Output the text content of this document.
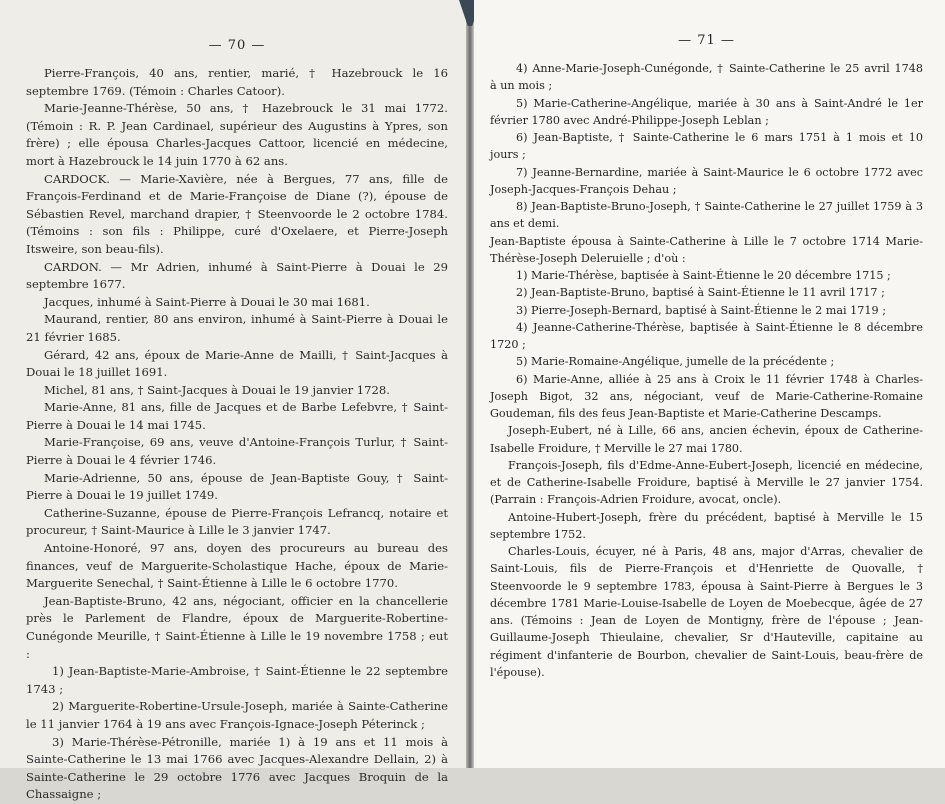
— 70 —

Pierre-François, 40 ans, rentier, marié, † Hazebrouck le 16 septembre 1769. (Témoin : Charles Catoor).

Marie-Jeanne-Thérèse, 50 ans, † Hazebrouck le 31 mai 1772. (Témoin : R. P. Jean Cardinael, supérieur des Augustins à Ypres, son frère) ; elle épousa Charles-Jacques Cattoor, licencié en médecine, mort à Hazebrouck le 14 juin 1770 à 62 ans.

CARDOCK. — Marie-Xavière, née à Bergues, 77 ans, fille de François-Ferdinand et de Marie-Françoise de Diane (?), épouse de Sébastien Revel, marchand drapier, † Steenvoorde le 2 octobre 1784. (Témoins : son fils : Philippe, curé d'Oxelaere, et Pierre-Joseph Itsweire, son beau-fils).

CARDON. — Mr Adrien, inhumé à Saint-Pierre à Douai le 29 septembre 1677.

Jacques, inhumé à Saint-Pierre à Douai le 30 mai 1681.

Maurand, rentier, 80 ans environ, inhumé à Saint-Pierre à Douai le 21 février 1685.

Gérard, 42 ans, époux de Marie-Anne de Mailli, † Saint-Jacques à Douai le 18 juillet 1691.

Michel, 81 ans, † Saint-Jacques à Douai le 19 janvier 1728.

Marie-Anne, 81 ans, fille de Jacques et de Barbe Lefebvre, † Saint-Pierre à Douai le 14 mai 1745.

Marie-Françoise, 69 ans, veuve d'Antoine-François Turlur, † Saint-Pierre à Douai le 4 février 1746.

Marie-Adrienne, 50 ans, épouse de Jean-Baptiste Gouy, † Saint-Pierre à Douai le 19 juillet 1749.

Catherine-Suzanne, épouse de Pierre-François Lefrancq, notaire et procureur, † Saint-Maurice à Lille le 3 janvier 1747.

Antoine-Honoré, 97 ans, doyen des procureurs au bureau des finances, veuf de Marguerite-Scholastique Hache, époux de Marie-Marguerite Senechal, † Saint-Étienne à Lille le 6 octobre 1770.

Jean-Baptiste-Bruno, 42 ans, négociant, officier en la chancellerie près le Parlement de Flandre, époux de Marguerite-Robertine-Cunégonde Meurille, † Saint-Étienne à Lille le 19 novembre 1758 ; eut :

1) Jean-Baptiste-Marie-Ambroise, † Saint-Étienne le 22 septembre 1743 ;

2) Marguerite-Robertine-Ursule-Joseph, mariée à Sainte-Catherine le 11 janvier 1764 à 19 ans avec François-Ignace-Joseph Péterinck ;

3) Marie-Thérèse-Pétronille, mariée 1) à 19 ans et 11 mois à Sainte-Catherine le 13 mai 1766 avec Jacques-Alexandre Dellain, 2) à Sainte-Catherine le 29 octobre 1776 avec Jacques Broquin de la Chassaigne ;

— 71 —

4) Anne-Marie-Joseph-Cunégonde, † Sainte-Catherine le 25 avril 1748 à un mois ;

5) Marie-Catherine-Angélique, mariée à 30 ans à Saint-André le 1er février 1780 avec André-Philippe-Joseph Leblan ;

6) Jean-Baptiste, † Sainte-Catherine le 6 mars 1751 à 1 mois et 10 jours ;

7) Jeanne-Bernardine, mariée à Saint-Maurice le 6 octobre 1772 avec Joseph-Jacques-François Dehau ;

8) Jean-Baptiste-Bruno-Joseph, † Sainte-Catherine le 27 juillet 1759 à 3 ans et demi.

Jean-Baptiste épousa à Sainte-Catherine à Lille le 7 octobre 1714 Marie-Thérèse-Joseph Deleruielle ; d'où :

1) Marie-Thérèse, baptisée à Saint-Étienne le 20 décembre 1715 ;

2) Jean-Baptiste-Bruno, baptisé à Saint-Étienne le 11 avril 1717 ;

3) Pierre-Joseph-Bernard, baptisé à Saint-Étienne le 2 mai 1719 ;

4) Jeanne-Catherine-Thérèse, baptisée à Saint-Étienne le 8 décembre 1720 ;

5) Marie-Romaine-Angélique, jumelle de la précédente ;

6) Marie-Anne, alliée à 25 ans à Croix le 11 février 1748 à Charles-Joseph Bigot, 32 ans, négociant, veuf de Marie-Catherine-Romaine Goudeman, fils des feus Jean-Baptiste et Marie-Catherine Descamps.

Joseph-Eubert, né à Lille, 66 ans, ancien échevin, époux de Catherine-Isabelle Froidure, † Merville le 27 mai 1780.

François-Joseph, fils d'Edme-Anne-Eubert-Joseph, licencié en médecine, et de Catherine-Isabelle Froidure, baptisé à Merville le 27 janvier 1754. (Parrain : François-Adrien Froidure, avocat, oncle).

Antoine-Hubert-Joseph, frère du précédent, baptisé à Merville le 15 septembre 1752.

Charles-Louis, écuyer, né à Paris, 48 ans, major d'Arras, chevalier de Saint-Louis, fils de Pierre-François et d'Henriette de Quovalle, † Steenvoorde le 9 septembre 1783, épousa à Saint-Pierre à Bergues le 3 décembre 1781 Marie-Louise-Isabelle de Loyen de Moebecque, âgée de 27 ans. (Témoins : Jean de Loyen de Montigny, frère de l'épouse ; Jean-Guillaume-Joseph Thieulaine, chevalier, Sr d'Hauteville, capitaine au régiment d'infanterie de Bourbon, chevalier de Saint-Louis, beau-frère de l'épouse).
